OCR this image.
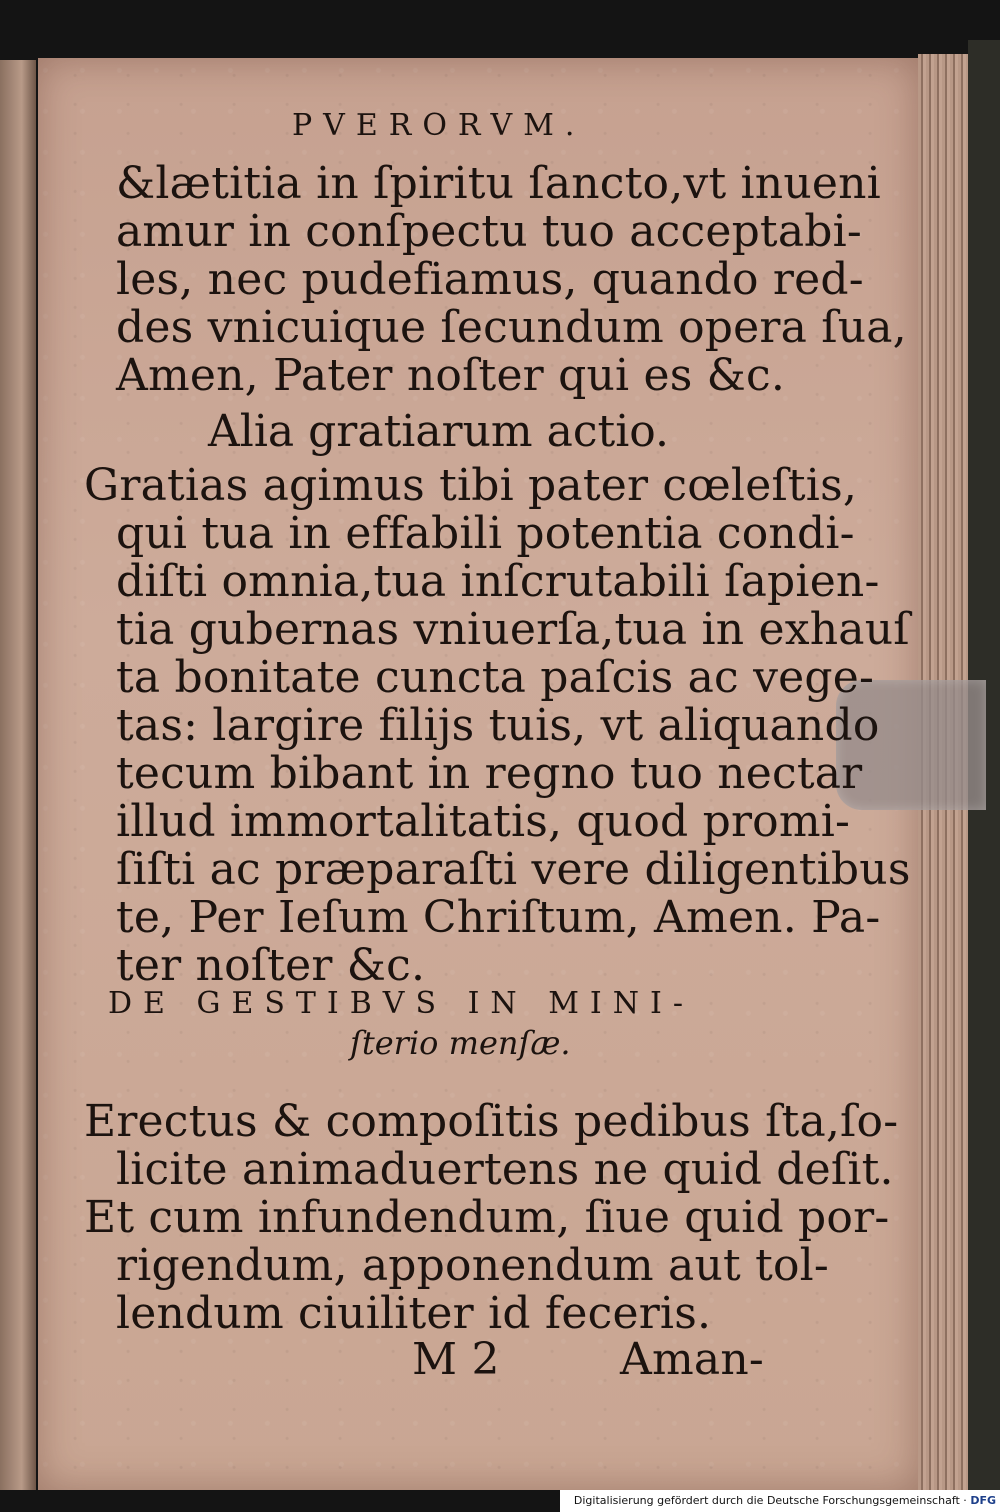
PVERORVM.
&lætitia in ſpiritu ſancto,vt inueni
amur in conſpectu tuo acceptabi-
les, nec pudefiamus, quando red-
des vnicuique ſecundum opera ſua,
Amen, Pater noſter qui es &c.
Alia gratiarum actio.
Gratias agimus tibi pater cœleſtis,
qui tua in effabili potentia condi-
diſti omnia,tua inſcrutabili ſapien-
tia gubernas vniuerſa,tua in exhauſ
ta bonitate cuncta paſcis ac vege-
tas: largire filijs tuis, vt aliquando
tecum bibant in regno tuo nectar
illud immortalitatis, quod promi-
ſiſti ac præparaſti vere diligentibus
te, Per Ieſum Chriſtum, Amen. Pa-
ter noſter &c.
DE GESTIBVS IN MINI-
ſterio menſæ.
Erectus & compoſitis pedibus ſta,ſo-
licite animaduertens ne quid deſit.
Et cum infundendum, ſiue quid por-
rigendum, apponendum aut tol-
lendum ciuiliter id feceris.
M 2	Aman-
Digitalisierung gefördert durch die Deutsche Forschungsgemeinschaft · DFG
